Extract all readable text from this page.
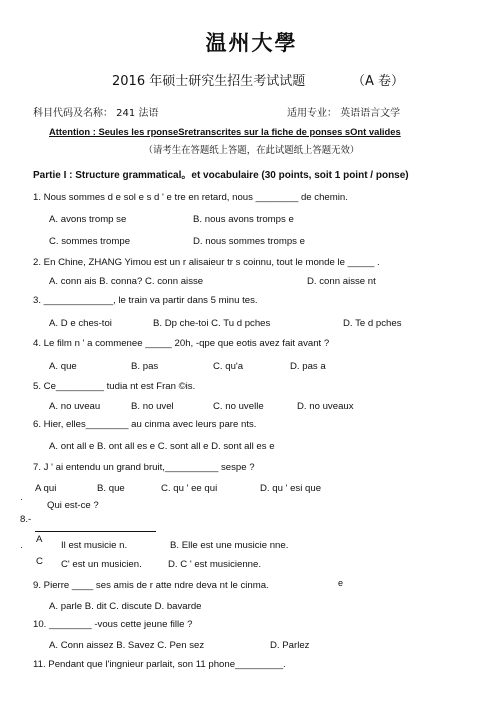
温州大學
2016 年硕士研究生招生考试试题	（A 卷）
科目代码及名称： 241 法语	适用专业： 英语语言文学
Attention : Seules les rponseSretranscrites sur la fiche de ponses sOnt valides
（请考生在答题纸上答题，在此试题纸上答题无效）
Partie I : Structure grammatical。et vocabulaire (30 points, soit 1 point / ponse)
1. Nous sommes d e sol e s d ' e tre en retard, nous ________ de chemin.
A. avons tromp se	B. nous avons tromps e
C. sommes trompe	D. nous sommes tromps e
2. En Chine, ZHANG Yimou est un r alisaieur tr s coinnu, tout le monde le _____ .
A. conn ais B. conna? C. conn aisse	D. conn aisse nt
3. _____________, le train va partir dans 5 minu tes.
A. D e ches-toi	B. Dp che-toi C. Tu d pches	D. Te d pches
4. Le film n ' a commenee _____ 20h, -qpe que eotis avez fait avant ?
A. que	B. pas	C. qu'a	D. pas a
5. Ce_________ tudia nt est Fran ©is.
A. no uveau	B. no uvel	C. no uvelle	D. no uveaux
6. Hier, elles________ au cinma avec leurs pare nts.
A. ont all e B. ont all es e C. sont all e D. sont all es e
7. J ' ai entendu un grand bruit,__________ sespe ?
A qui	B. que	C. qu ' ee qui	D. qu ' esi que
·
Qui est-ce ?
8.-
·
A
Il est musicie n.	B. Elle est une musicie nne.
C C' est un musicien.	D. C ' est musicienne.
9. Pierre ____ ses amis de r atte ndre deva nt le cinma.	e
A. parle B. dit C. discute D. bavarde
10. ________ -vous cette jeune fille ?
A. Conn aissez B. Savez C. Pen sez	D. Parlez
11. Pendant que l'ingnieur parlait, son 11 phone_________.
